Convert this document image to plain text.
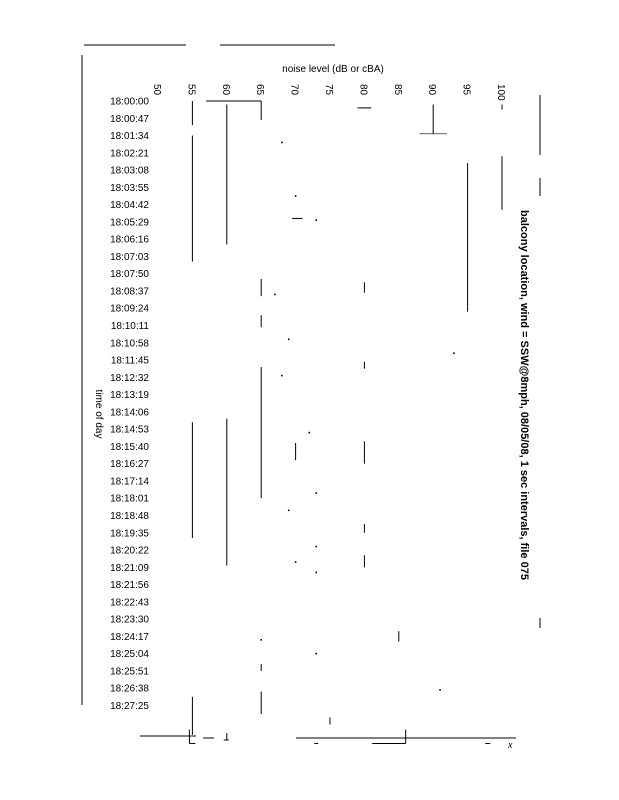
noise level (dB or cBA)
time of day	balcony location, wind = SSW@8mph, 08/05/08, 1 sec intervals, file 075
50 55 60 65 70 75 80 85 90 95 100
18:00:00
18:00:47
18:01:34
18:02:21
18:03:08
18:03:55
18:04:42
18:05:29
18:06:16
18:07:03
18:07:50
18:08:37
18:09:24
18:10:11
18:10:58
18:11:45
18:12:32
18:13:19
18:14:06
18:14:53
18:15:40
18:16:27
18:17:14
18:18:01
18:18:48
18:19:35
18:20:22
18:21:09
18:21:56
18:22:43
18:23:30
18:24:17
18:25:04
18:25:51
18:26:38
18:27:25
x
